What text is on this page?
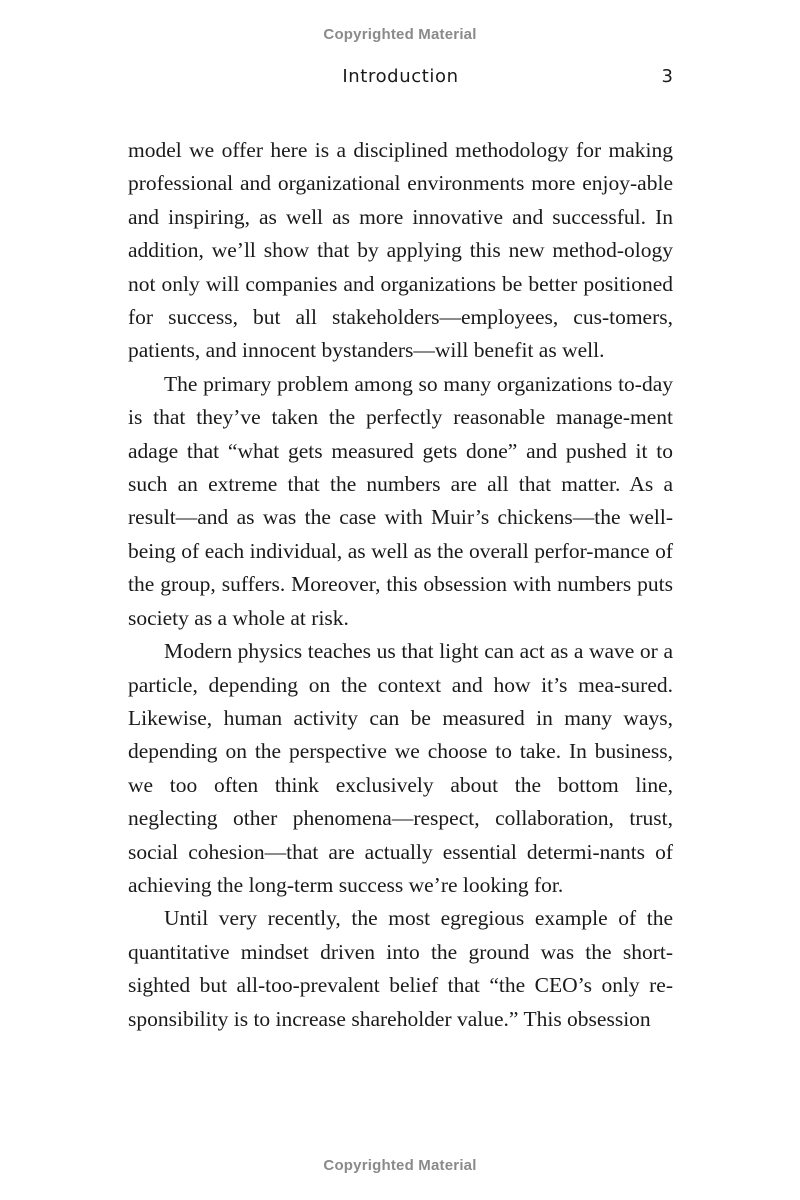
Copyrighted Material
Introduction	3

model we offer here is a disciplined methodology for making professional and organizational environments more enjoy-able and inspiring, as well as more innovative and successful. In addition, we’ll show that by applying this new method-ology not only will companies and organizations be better positioned for success, but all stakeholders—employees, cus-tomers, patients, and innocent bystanders—will benefit as well.

The primary problem among so many organizations to-day is that they’ve taken the perfectly reasonable manage-ment adage that “what gets measured gets done” and pushed it to such an extreme that the numbers are all that matter. As a result—and as was the case with Muir’s chickens—the well-being of each individual, as well as the overall perfor-mance of the group, suffers. Moreover, this obsession with numbers puts society as a whole at risk.

Modern physics teaches us that light can act as a wave or a particle, depending on the context and how it’s mea-sured. Likewise, human activity can be measured in many ways, depending on the perspective we choose to take. In business, we too often think exclusively about the bottom line, neglecting other phenomena—respect, collaboration, trust, social cohesion—that are actually essential determi-nants of achieving the long-term success we’re looking for.

Until very recently, the most egregious example of the quantitative mindset driven into the ground was the short-sighted but all-too-prevalent belief that “the CEO’s only re-sponsibility is to increase shareholder value.” This obsession

Copyrighted Material
